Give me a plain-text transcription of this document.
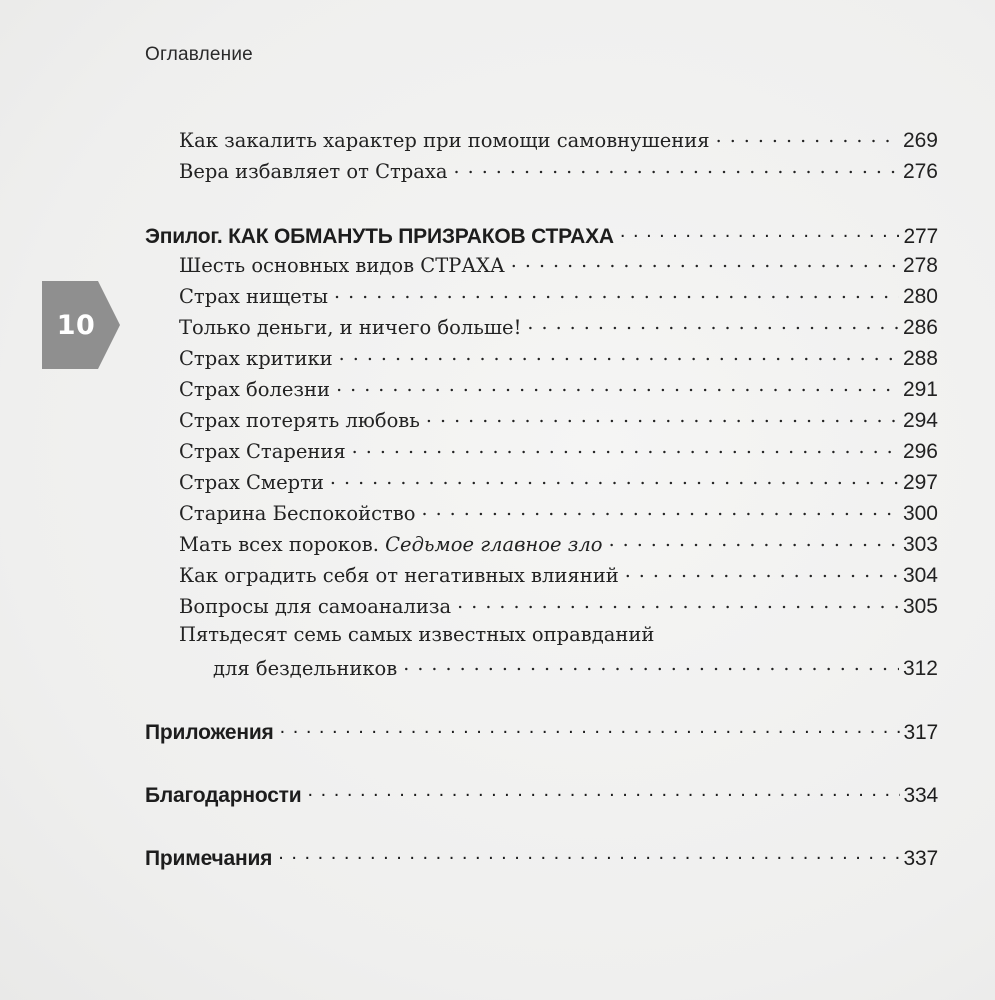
Оглавление
10
Как закалить характер при помощи самовнушения . . .	269
Вера избавляет от Страха . . .	276
Эпилог. КАК ОБМАНУТЬ ПРИЗРАКОВ СТРАХА . . .	277
Шесть основных видов СТРАХА . . .	278
Страх нищеты . . .	280
Только деньги, и ничего больше! . . .	286
Страх критики . . .	288
Страх болезни . . .	291
Страх потерять любовь . . .	294
Страх Старения . . .	296
Страх Смерти . . .	297
Старина Беспокойство . . .	300
Мать всех пороков. Седьмое главное зло . . .	303
Как оградить себя от негативных влияний . . .	304
Вопросы для самоанализа . . .	305
Пятьдесят семь самых известных оправданий
для бездельников . . .	312
Приложения . . .	317
Благодарности . . .	334
Примечания . . .	337
